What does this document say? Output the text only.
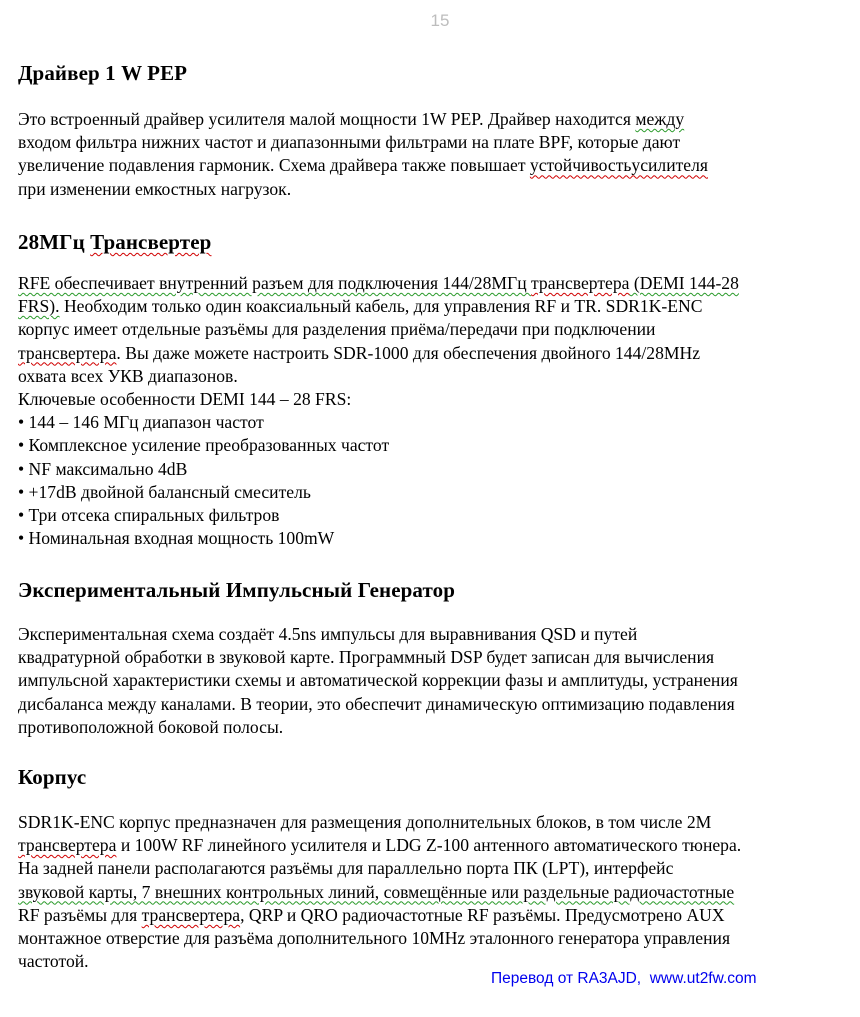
15
Драйвер 1 W PEP
Это встроенный драйвер усилителя малой мощности 1W PEP. Драйвер находится между
входом фильтра нижних частот и диапазонными фильтрами на плате BPF, которые дают
увеличение подавления гармоник. Схема драйвера также повышает устойчивостьусилителя
при изменении емкостных нагрузок.
28МГц Трансвертер
RFE обеспечивает внутренний разъем для подключения 144/28МГц трансвертера (DEMI 144-28
FRS). Необходим только один коаксиальный кабель, для управления RF и TR. SDR1K-ENC
корпус имеет отдельные разъёмы для разделения приёма/передачи при подключении
трансвертера. Вы даже можете настроить SDR-1000 для обеспечения двойного 144/28MHz
охвата всех УКВ диапазонов.
Ключевые особенности DEMI 144 – 28 FRS:
• 144 – 146 МГц диапазон частот
• Комплексное усиление преобразованных частот
• NF максимально 4dB
• +17dB двойной балансный смеситель
• Три отсека спиральных фильтров
• Номинальная входная мощность 100mW
Экспериментальный Импульсный Генератор
Экспериментальная схема создаёт 4.5ns импульсы для выравнивания QSD и путей
квадратурной обработки в звуковой карте. Программный DSP будет записан для вычисления
импульсной характеристики схемы и автоматической коррекции фазы и амплитуды, устранения
дисбаланса между каналами. В теории, это обеспечит динамическую оптимизацию подавления
противоположной боковой полосы.
Корпус
SDR1K-ENC корпус предназначен для размещения дополнительных блоков, в том числе 2M
трансвертера и 100W RF линейного усилителя и LDG Z-100 антенного автоматического тюнера.
На задней панели располагаются разъёмы для параллельно порта ПК (LPT), интерфейс
звуковой карты, 7 внешних контрольных линий, совмещённые или раздельные радиочастотные
RF разъёмы для трансвертера, QRP и QRO радиочастотные RF разъёмы. Предусмотрено AUX
монтажное отверстие для разъёма дополнительного 10MHz эталонного генератора управления
частотой.
Перевод от RA3AJD,  www.ut2fw.com
